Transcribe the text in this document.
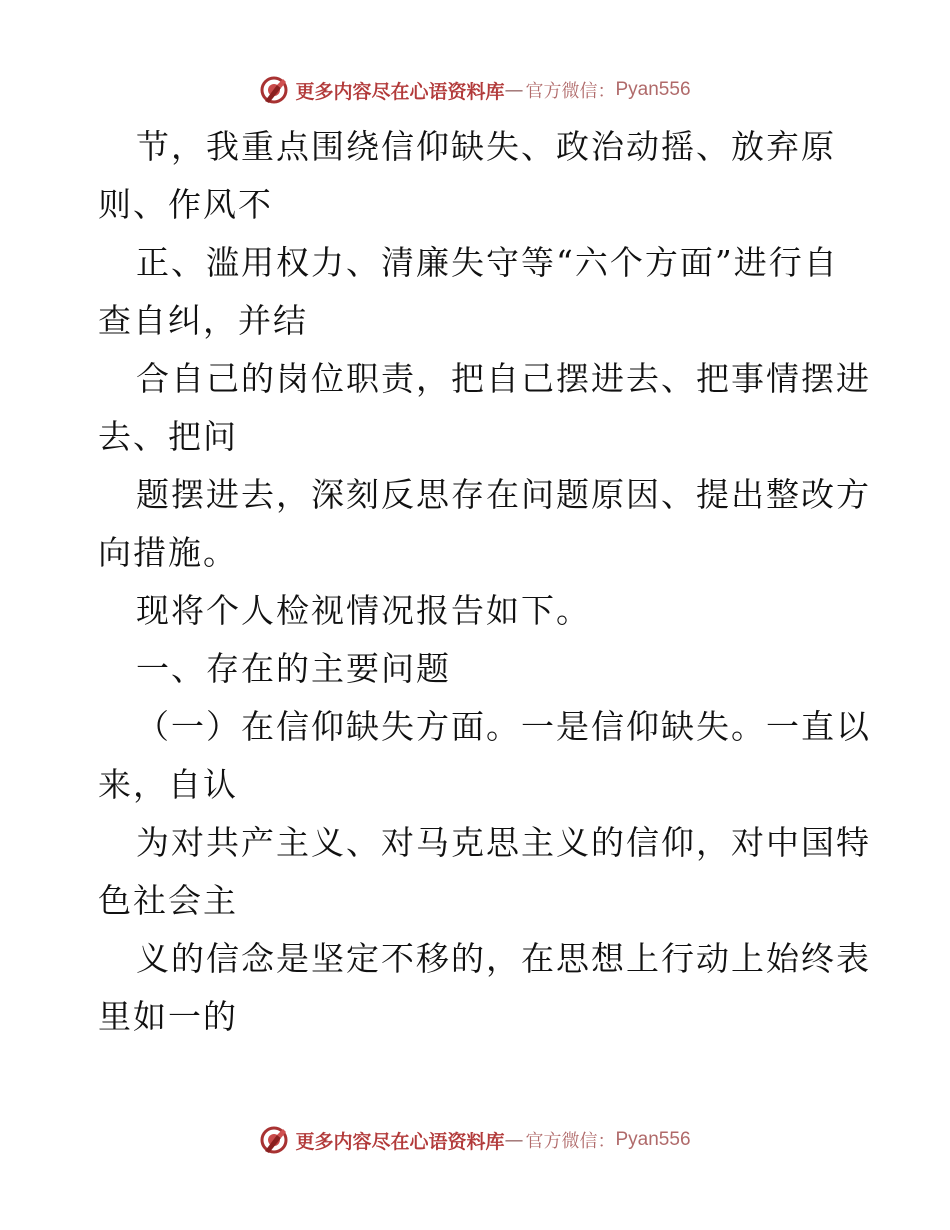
更多内容尽在心语资料库 — 官方微信： Pyan556
节，我重点围绕信仰缺失、政治动摇、放弃原
则、作风不
正、滥用权力、清廉失守等“六个方面”进行自
查自纠，并结
合自己的岗位职责，把自己摆进去、把事情摆进
去、把问
题摆进去，深刻反思存在问题原因、提出整改方
向措施。
现将个人检视情况报告如下。
一、存在的主要问题
（一）在信仰缺失方面。一是信仰缺失。一直以
来，自认
为对共产主义、对马克思主义的信仰，对中国特
色社会主
义的信念是坚定不移的，在思想上行动上始终表
里如一的
更多内容尽在心语资料库 — 官方微信： Pyan556
